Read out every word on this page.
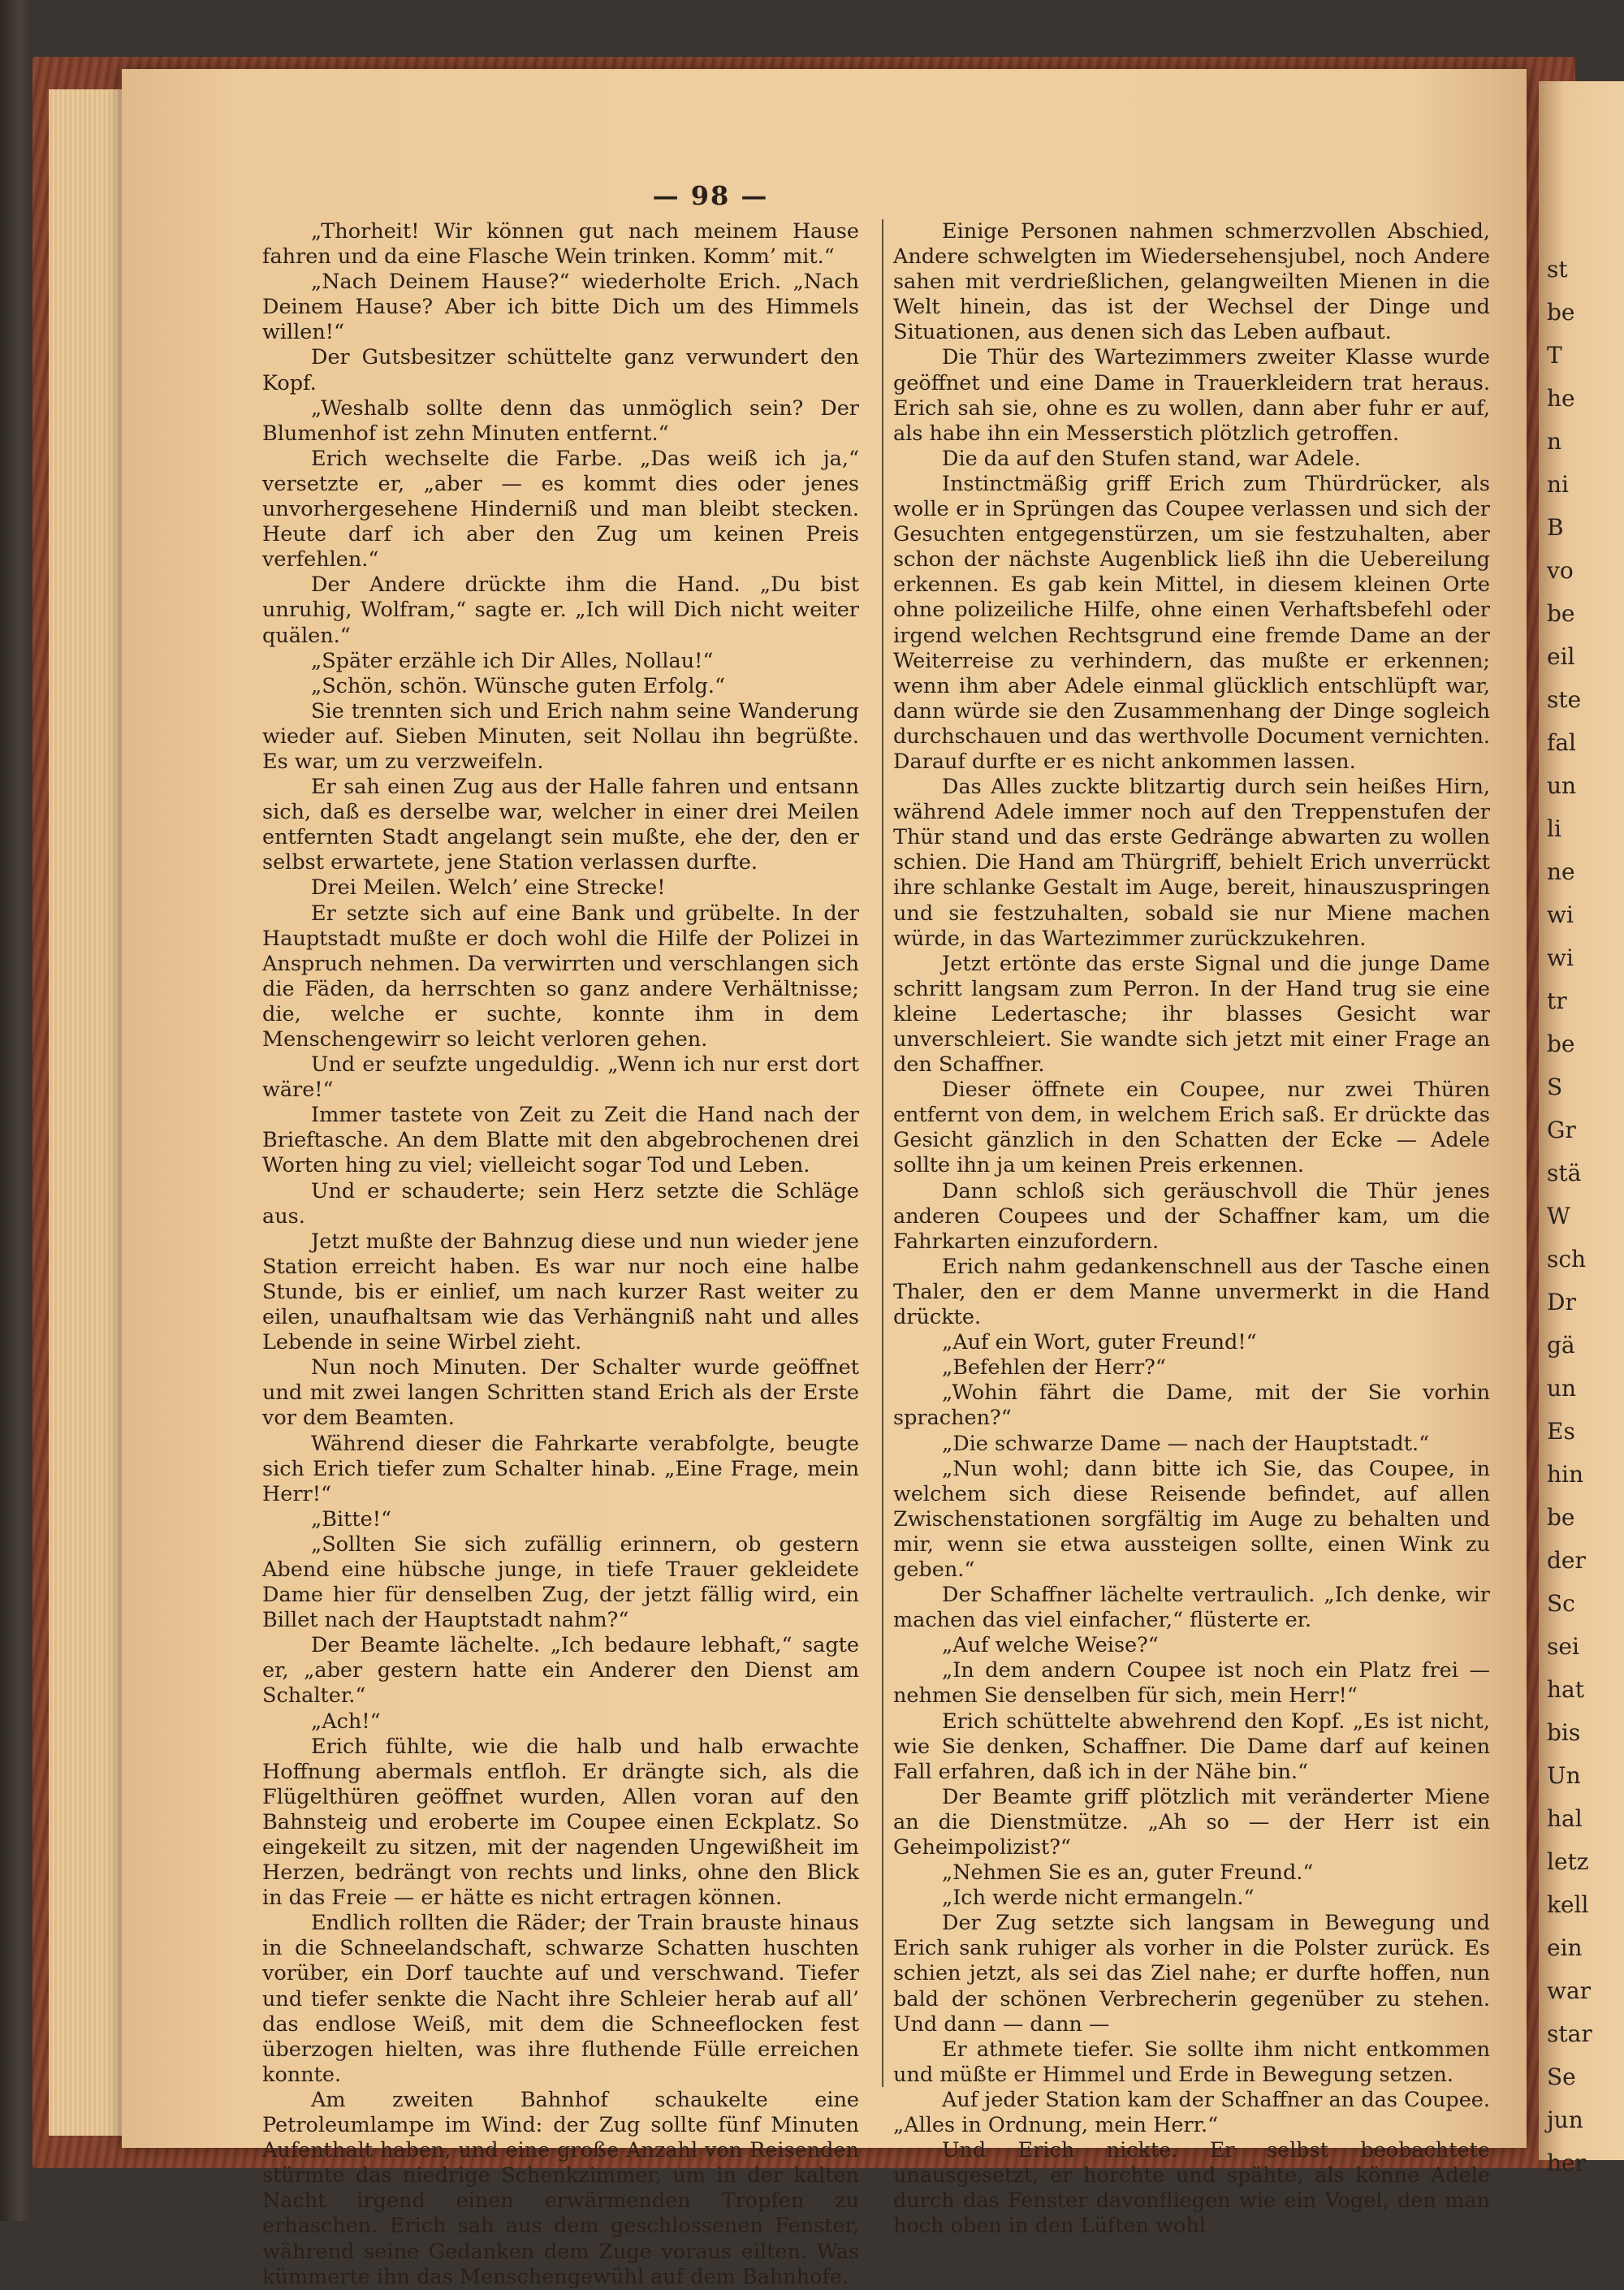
st
be
T
he
n
ni
B
vo
be
eil
ste
fal
un
li
ne
wi
wi
tr
be
S
Gr
stä
W
sch
Dr
gä
un
Es
hin
be
der
Sc
sei
hat
bis
Un
hal
letz
kell
ein
war
star
Se
jun
her
— 98 —

„Thorheit! Wir können gut nach meinem Hause fahren und da eine Flasche Wein trinken. Komm’ mit.“

„Nach Deinem Hause?“ wiederholte Erich. „Nach Deinem Hause? Aber ich bitte Dich um des Himmels willen!“

Der Gutsbesitzer schüttelte ganz verwundert den Kopf.

„Weshalb sollte denn das unmöglich sein? Der Blumenhof ist zehn Minuten entfernt.“

Erich wechselte die Farbe. „Das weiß ich ja,“ versetzte er, „aber — es kommt dies oder jenes unvorhergesehene Hinderniß und man bleibt stecken. Heute darf ich aber den Zug um keinen Preis verfehlen.“

Der Andere drückte ihm die Hand. „Du bist unruhig, Wolfram,“ sagte er. „Ich will Dich nicht weiter quälen.“

„Später erzähle ich Dir Alles, Nollau!“

„Schön, schön. Wünsche guten Erfolg.“

Sie trennten sich und Erich nahm seine Wanderung wieder auf. Sieben Minuten, seit Nollau ihn begrüßte. Es war, um zu verzweifeln.

Er sah einen Zug aus der Halle fahren und entsann sich, daß es derselbe war, welcher in einer drei Meilen entfernten Stadt angelangt sein mußte, ehe der, den er selbst erwartete, jene Station verlassen durfte.

Drei Meilen. Welch’ eine Strecke!

Er setzte sich auf eine Bank und grübelte. In der Hauptstadt mußte er doch wohl die Hilfe der Polizei in Anspruch nehmen. Da verwirrten und verschlangen sich die Fäden, da herrschten so ganz andere Verhältnisse; die, welche er suchte, konnte ihm in dem Menschengewirr so leicht verloren gehen.

Und er seufzte ungeduldig. „Wenn ich nur erst dort wäre!“

Immer tastete von Zeit zu Zeit die Hand nach der Brieftasche. An dem Blatte mit den abgebrochenen drei Worten hing zu viel; vielleicht sogar Tod und Leben.

Und er schauderte; sein Herz setzte die Schläge aus.

Jetzt mußte der Bahnzug diese und nun wieder jene Station erreicht haben. Es war nur noch eine halbe Stunde, bis er einlief, um nach kurzer Rast weiter zu eilen, unaufhaltsam wie das Verhängniß naht und alles Lebende in seine Wirbel zieht.

Nun noch Minuten. Der Schalter wurde geöffnet und mit zwei langen Schritten stand Erich als der Erste vor dem Beamten.

Während dieser die Fahrkarte verabfolgte, beugte sich Erich tiefer zum Schalter hinab. „Eine Frage, mein Herr!“

„Bitte!“

„Sollten Sie sich zufällig erinnern, ob gestern Abend eine hübsche junge, in tiefe Trauer gekleidete Dame hier für denselben Zug, der jetzt fällig wird, ein Billet nach der Hauptstadt nahm?“

Der Beamte lächelte. „Ich bedaure lebhaft,“ sagte er, „aber gestern hatte ein Anderer den Dienst am Schalter.“

„Ach!“

Erich fühlte, wie die halb und halb erwachte Hoffnung abermals entfloh. Er drängte sich, als die Flügelthüren geöffnet wurden, Allen voran auf den Bahnsteig und eroberte im Coupee einen Eckplatz. So eingekeilt zu sitzen, mit der nagenden Ungewißheit im Herzen, bedrängt von rechts und links, ohne den Blick in das Freie — er hätte es nicht ertragen können.

Endlich rollten die Räder; der Train brauste hinaus in die Schneelandschaft, schwarze Schatten huschten vorüber, ein Dorf tauchte auf und verschwand. Tiefer und tiefer senkte die Nacht ihre Schleier herab auf all’ das endlose Weiß, mit dem die Schneeflocken fest überzogen hielten, was ihre fluthende Fülle erreichen konnte.

Am zweiten Bahnhof schaukelte eine Petroleumlampe im Wind: der Zug sollte fünf Minuten Aufenthalt haben, und eine große Anzahl von Reisenden stürmte das niedrige Schenkzimmer, um in der kalten Nacht irgend einen erwärmenden Tropfen zu erhaschen. Erich sah aus dem geschlossenen Fenster, während seine Gedanken dem Zuge voraus eilten. Was kümmerte ihn das Menschengewühl auf dem Bahnhofe.

Einige Personen nahmen schmerzvollen Abschied, Andere schwelgten im Wiedersehensjubel, noch Andere sahen mit verdrießlichen, gelangweilten Mienen in die Welt hinein, das ist der Wechsel der Dinge und Situationen, aus denen sich das Leben aufbaut.

Die Thür des Wartezimmers zweiter Klasse wurde geöffnet und eine Dame in Trauerkleidern trat heraus. Erich sah sie, ohne es zu wollen, dann aber fuhr er auf, als habe ihn ein Messerstich plötzlich getroffen.

Die da auf den Stufen stand, war Adele.

Instinctmäßig griff Erich zum Thürdrücker, als wolle er in Sprüngen das Coupee verlassen und sich der Gesuchten entgegenstürzen, um sie festzuhalten, aber schon der nächste Augenblick ließ ihn die Uebereilung erkennen. Es gab kein Mittel, in diesem kleinen Orte ohne polizeiliche Hilfe, ohne einen Verhaftsbefehl oder irgend welchen Rechtsgrund eine fremde Dame an der Weiterreise zu verhindern, das mußte er erkennen; wenn ihm aber Adele einmal glücklich entschlüpft war, dann würde sie den Zusammenhang der Dinge sogleich durchschauen und das werthvolle Document vernichten. Darauf durfte er es nicht ankommen lassen.

Das Alles zuckte blitzartig durch sein heißes Hirn, während Adele immer noch auf den Treppenstufen der Thür stand und das erste Gedränge abwarten zu wollen schien. Die Hand am Thürgriff, behielt Erich unverrückt ihre schlanke Gestalt im Auge, bereit, hinauszuspringen und sie festzuhalten, sobald sie nur Miene machen würde, in das Wartezimmer zurückzukehren.

Jetzt ertönte das erste Signal und die junge Dame schritt langsam zum Perron. In der Hand trug sie eine kleine Ledertasche; ihr blasses Gesicht war unverschleiert. Sie wandte sich jetzt mit einer Frage an den Schaffner.

Dieser öffnete ein Coupee, nur zwei Thüren entfernt von dem, in welchem Erich saß. Er drückte das Gesicht gänzlich in den Schatten der Ecke — Adele sollte ihn ja um keinen Preis erkennen.

Dann schloß sich geräuschvoll die Thür jenes anderen Coupees und der Schaffner kam, um die Fahrkarten einzufordern.

Erich nahm gedankenschnell aus der Tasche einen Thaler, den er dem Manne unvermerkt in die Hand drückte.

„Auf ein Wort, guter Freund!“

„Befehlen der Herr?“

„Wohin fährt die Dame, mit der Sie vorhin sprachen?“

„Die schwarze Dame — nach der Hauptstadt.“

„Nun wohl; dann bitte ich Sie, das Coupee, in welchem sich diese Reisende befindet, auf allen Zwischenstationen sorgfältig im Auge zu behalten und mir, wenn sie etwa aussteigen sollte, einen Wink zu geben.“

Der Schaffner lächelte vertraulich. „Ich denke, wir machen das viel einfacher,“ flüsterte er.

„Auf welche Weise?“

„In dem andern Coupee ist noch ein Platz frei — nehmen Sie denselben für sich, mein Herr!“

Erich schüttelte abwehrend den Kopf. „Es ist nicht, wie Sie denken, Schaffner. Die Dame darf auf keinen Fall erfahren, daß ich in der Nähe bin.“

Der Beamte griff plötzlich mit veränderter Miene an die Dienstmütze. „Ah so — der Herr ist ein Geheimpolizist?“

„Nehmen Sie es an, guter Freund.“

„Ich werde nicht ermangeln.“

Der Zug setzte sich langsam in Bewegung und Erich sank ruhiger als vorher in die Polster zurück. Es schien jetzt, als sei das Ziel nahe; er durfte hoffen, nun bald der schönen Verbrecherin gegenüber zu stehen. Und dann — dann —

Er athmete tiefer. Sie sollte ihm nicht entkommen und müßte er Himmel und Erde in Bewegung setzen.

Auf jeder Station kam der Schaffner an das Coupee. „Alles in Ordnung, mein Herr.“

Und Erich nickte. Er selbst beobachtete unausgesetzt, er horchte und spähte, als könne Adele durch das Fenster davonfliegen wie ein Vogel, den man hoch oben in den Lüften wohl
